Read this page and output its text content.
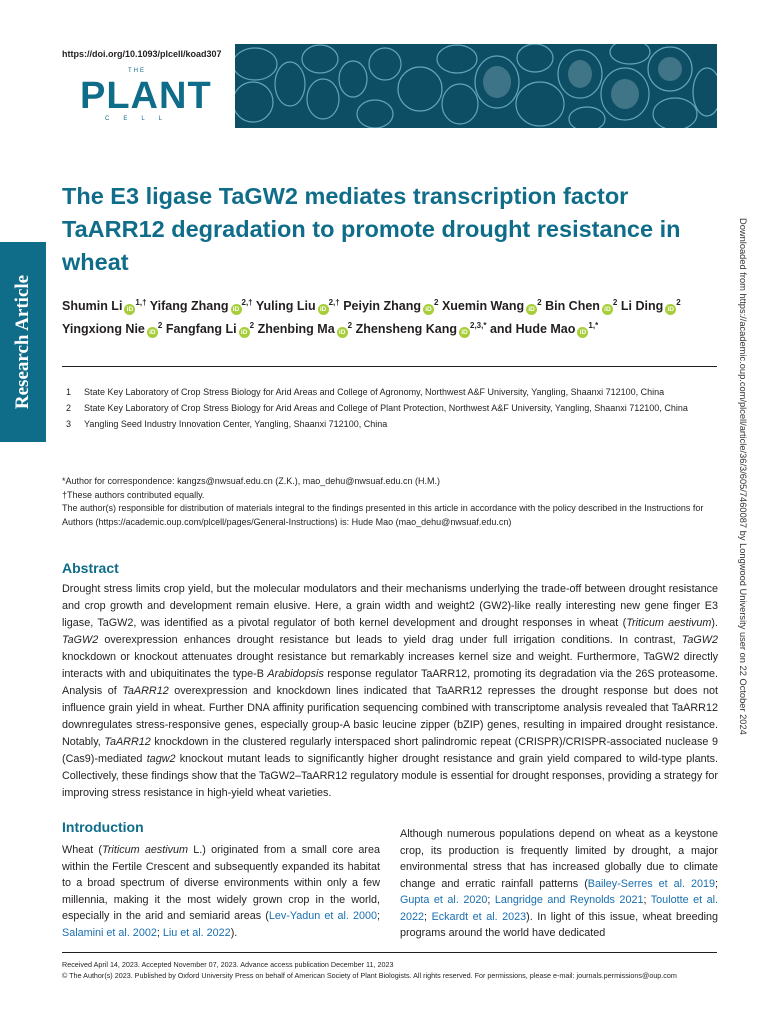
https://doi.org/10.1093/plcell/koad307
THE
PLANT
CELL
Research Article	Downloaded from https://academic.oup.com/plcell/article/36/3/605/7460087 by Longwood University user on 22 October 2024
The E3 ligase TaGW2 mediates transcription factor TaARR12 degradation to promote drought resistance in wheat
Shumin Li $iD^{1,\dagger}$ Yifang Zhang $iD^{2,\dagger}$ Yuling Liu $iD^{2,\dagger}$ Peiyin Zhang $iD^2$ Xuemin Wang $iD^2$ Bin Chen $iD^2$ Li Ding $iD^2$ Yingxiong Nie $iD^2$ Fangfang Li $iD^2$ Zhenbing Ma $iD^2$ Zhensheng Kang $iD^{2,3,*}$ and Hude Mao $iD^{1,*}$
1	State Key Laboratory of Crop Stress Biology for Arid Areas and College of Agronomy, Northwest A&F University, Yangling, Shaanxi 712100, China
2	State Key Laboratory of Crop Stress Biology for Arid Areas and College of Plant Protection, Northwest A&F University, Yangling, Shaanxi 712100, China
3	Yangling Seed Industry Innovation Center, Yangling, Shaanxi 712100, China

*Author for correspondence: kangzs@nwsuaf.edu.cn (Z.K.), mao_dehu@nwsuaf.edu.cn (H.M.)

†These authors contributed equally.

The author(s) responsible for distribution of materials integral to the findings presented in this article in accordance with the policy described in the Instructions for Authors (https://academic.oup.com/plcell/pages/General-Instructions) is: Hude Mao (mao_dehu@nwsuaf.edu.cn)

Abstract

Drought stress limits crop yield, but the molecular modulators and their mechanisms underlying the trade-off between drought resistance and crop growth and development remain elusive. Here, a grain width and weight2 (GW2)-like really interesting new gene finger E3 ligase, TaGW2, was identified as a pivotal regulator of both kernel development and drought responses in wheat (Triticum aestivum). TaGW2 overexpression enhances drought resistance but leads to yield drag under full irrigation conditions. In contrast, TaGW2 knockdown or knockout attenuates drought resistance but remarkably increases kernel size and weight. Furthermore, TaGW2 directly interacts with and ubiquitinates the type-B Arabidopsis response regulator TaARR12, promoting its degradation via the 26S proteasome. Analysis of TaARR12 overexpression and knockdown lines indicated that TaARR12 represses the drought response but does not influence grain yield in wheat. Further DNA affinity purification sequencing combined with transcriptome analysis revealed that TaARR12 downregulates stress-responsive genes, especially group-A basic leucine zipper (bZIP) genes, resulting in impaired drought resistance. Notably, TaARR12 knockdown in the clustered regularly interspaced short palindromic repeat (CRISPR)/CRISPR-associated nuclease 9 (Cas9)-mediated tagw2 knockout mutant leads to significantly higher drought resistance and grain yield compared to wild-type plants. Collectively, these findings show that the TaGW2–TaARR12 regulatory module is essential for drought responses, providing a strategy for improving stress resistance in high-yield wheat varieties.

Introduction

Wheat (Triticum aestivum L.) originated from a small core area within the Fertile Crescent and subsequently expanded its habitat to a broad spectrum of diverse environments within only a few millennia, making it the most widely grown crop in the world, especially in the arid and semiarid areas (Lev-Yadun et al. 2000; Salamini et al. 2002; Liu et al. 2022).

Although numerous populations depend on wheat as a keystone crop, its production is frequently limited by drought, a major environmental stress that has increased globally due to climate change and erratic rainfall patterns (Bailey-Serres et al. 2019; Gupta et al. 2020; Langridge and Reynolds 2021; Toulotte et al. 2022; Eckardt et al. 2023). In light of this issue, wheat breeding programs around the world have dedicated

Received April 14, 2023. Accepted November 07, 2023. Advance access publication December 11, 2023

© The Author(s) 2023. Published by Oxford University Press on behalf of American Society of Plant Biologists. All rights reserved. For permissions, please e-mail: journals.permissions@oup.com
